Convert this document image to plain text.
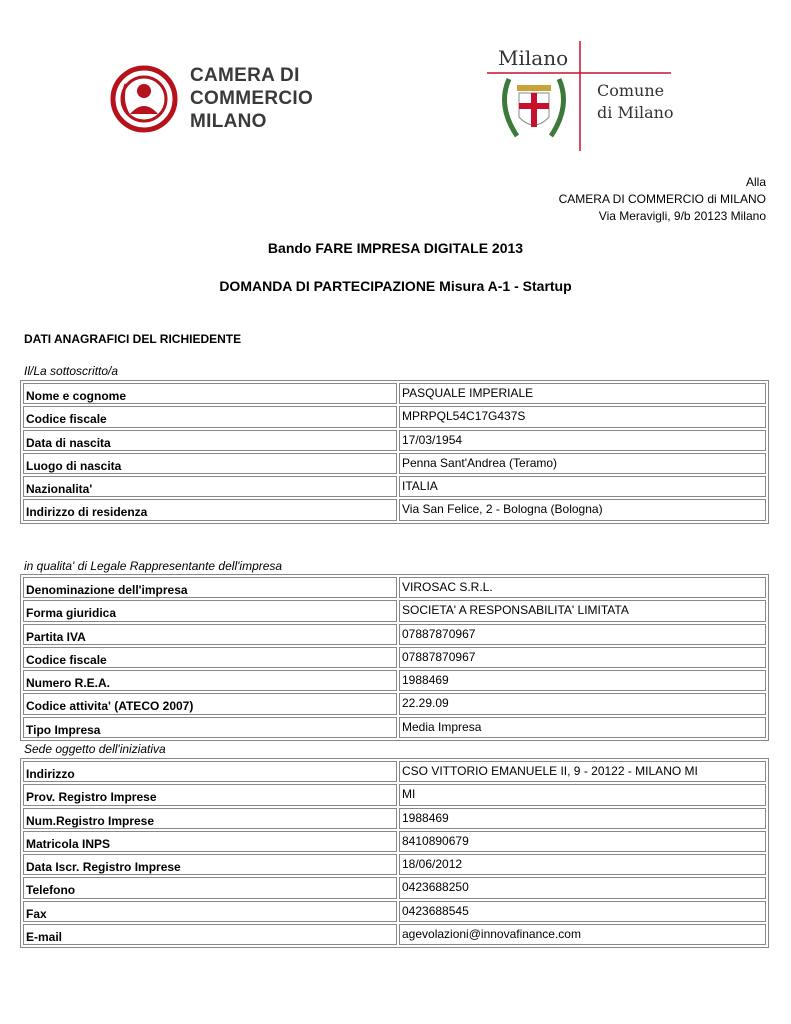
CAMERA DI
COMMERCIO
MILANO
Milano
Comune
di Milano
Alla
CAMERA DI COMMERCIO di MILANO
Via Meravigli, 9/b 20123 Milano
Bando FARE IMPRESA DIGITALE 2013
DOMANDA DI PARTECIPAZIONE Misura A-1 - Startup
DATI ANAGRAFICI DEL RICHIEDENTE
Il/La sottoscritto/a
Nome e cognome	PASQUALE IMPERIALE
Codice fiscale	MPRPQL54C17G437S
Data di nascita	17/03/1954
Luogo di nascita	Penna Sant'Andrea (Teramo)
Nazionalita'	ITALIA
Indirizzo di residenza	Via San Felice, 2 - Bologna (Bologna)
in qualita' di Legale Rappresentante dell'impresa
Denominazione dell'impresa	VIROSAC S.R.L.
Forma giuridica	SOCIETA' A RESPONSABILITA' LIMITATA
Partita IVA	07887870967
Codice fiscale	07887870967
Numero R.E.A.	1988469
Codice attivita' (ATECO 2007)	22.29.09
Tipo Impresa	Media Impresa
Sede oggetto dell'iniziativa
Indirizzo	CSO VITTORIO EMANUELE II, 9 - 20122 - MILANO MI
Prov. Registro Imprese	MI
Num.Registro Imprese	1988469
Matricola INPS	8410890679
Data Iscr. Registro Imprese	18/06/2012
Telefono	0423688250
Fax	0423688545
E-mail	agevolazioni@innovafinance.com
